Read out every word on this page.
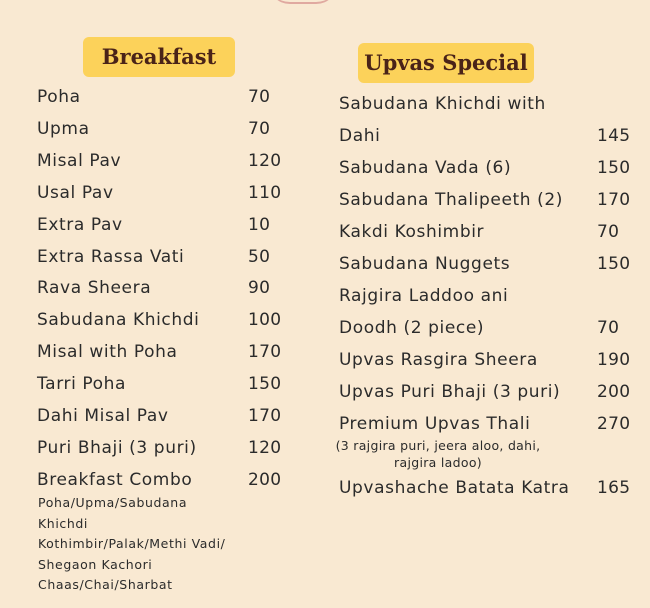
Breakfast	Upvas Special
Poha	70
Upma	70
Misal Pav	120
Usal Pav	110
Extra Pav	10
Extra Rassa Vati	50
Rava Sheera	90
Sabudana Khichdi	100
Misal with Poha	170
Tarri Poha	150
Dahi Misal Pav	170
Puri Bhaji (3 puri)	120
Breakfast Combo	200
Poha/Upma/Sabudana
Khichdi
Kothimbir/Palak/Methi Vadi/
Shegaon Kachori
Chaas/Chai/Sharbat
Sabudana Khichdi with
Dahi	145
Sabudana Vada (6)	150
Sabudana Thalipeeth (2) 170
Kakdi Koshimbir	70
Sabudana Nuggets	150
Rajgira Laddoo ani
Doodh (2 piece)	70
Upvas Rasgira Sheera	190
Upvas Puri Bhaji (3 puri) 200
Premium Upvas Thali	270
Upvashache Batata Katra 165
(3 rajgira puri, jeera aloo, dahi,
rajgira ladoo)
